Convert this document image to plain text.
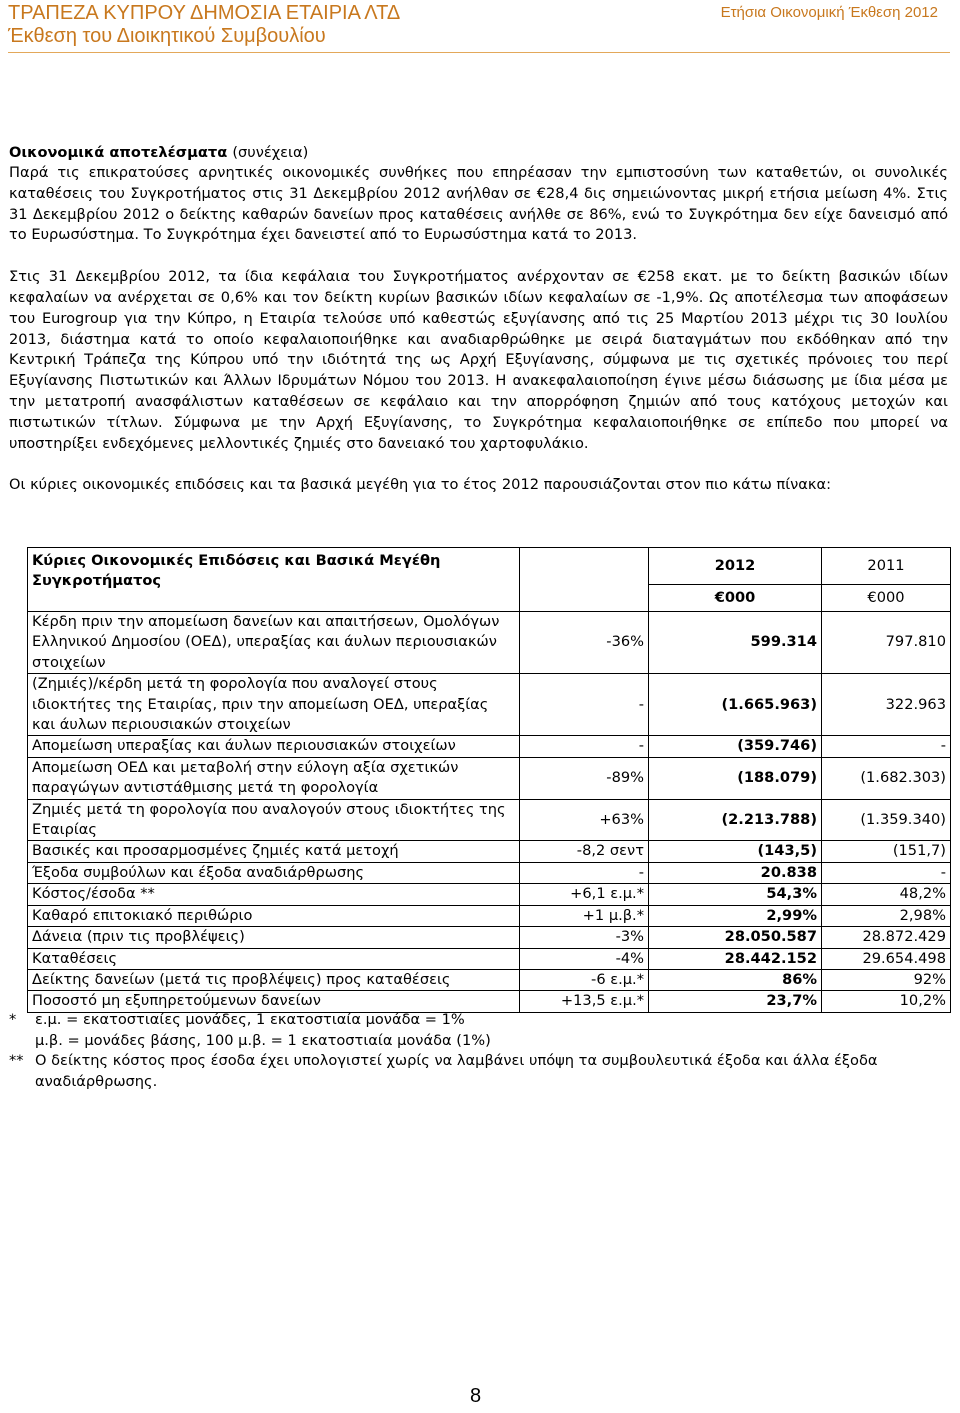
ΤΡΑΠΕΖΑ ΚΥΠΡΟΥ ΔΗΜΟΣΙΑ ΕΤΑΙΡΙΑ ΛΤΔ
Έκθεση του Διοικητικού Συμβουλίου
Ετήσια Οικονομική Έκθεση 2012
Οικονομικά αποτελέσματα (συνέχεια)

Παρά τις επικρατούσες αρνητικές οικονομικές συνθήκες που επηρέασαν την εμπιστοσύνη των καταθετών, οι συνολικές καταθέσεις του Συγκροτήματος στις 31 Δεκεμβρίου 2012 ανήλθαν σε €28,4 δις σημειώνοντας μικρή ετήσια μείωση 4%. Στις 31 Δεκεμβρίου 2012 ο δείκτης καθαρών δανείων προς καταθέσεις ανήλθε σε 86%, ενώ το Συγκρότημα δεν είχε δανεισμό από το Ευρωσύστημα. Το Συγκρότημα έχει δανειστεί από το Ευρωσύστημα κατά το 2013.

Στις 31 Δεκεμβρίου 2012, τα ίδια κεφάλαια του Συγκροτήματος ανέρχονταν σε €258 εκατ. με το δείκτη βασικών ιδίων κεφαλαίων να ανέρχεται σε 0,6% και τον δείκτη κυρίων βασικών ιδίων κεφαλαίων σε -1,9%. Ως αποτέλεσμα των αποφάσεων του Eurogroup για την Κύπρο, η Εταιρία τελούσε υπό καθεστώς εξυγίανσης από τις 25 Μαρτίου 2013 μέχρι τις 30 Ιουλίου 2013, διάστημα κατά το οποίο κεφαλαιοποιήθηκε και αναδιαρθρώθηκε με σειρά διαταγμάτων που εκδόθηκαν από την Κεντρική Τράπεζα της Κύπρου υπό την ιδιότητά της ως Αρχή Εξυγίανσης, σύμφωνα με τις σχετικές πρόνοιες του περί Εξυγίανσης Πιστωτικών και Άλλων Ιδρυμάτων Νόμου του 2013. Η ανακεφαλαιοποίηση έγινε μέσω διάσωσης με ίδια μέσα με την μετατροπή ανασφάλιστων καταθέσεων σε κεφάλαιο και την απορρόφηση ζημιών από τους κατόχους μετοχών και πιστωτικών τίτλων. Σύμφωνα με την Αρχή Εξυγίανσης, το Συγκρότημα κεφαλαιοποιήθηκε σε επίπεδο που μπορεί να υποστηρίξει ενδεχόμενες μελλοντικές ζημιές στο δανειακό του χαρτοφυλάκιο.

Οι κύριες οικονομικές επιδόσεις και τα βασικά μεγέθη για το έτος 2012 παρουσιάζονται στον πιο κάτω πίνακα:

Κύριες Οικονομικές Επιδόσεις και Βασικά Μεγέθη Συγκροτήματος		2012	2011
		€000	€000
Κέρδη πριν την απομείωση δανείων και απαιτήσεων, Ομολόγων Ελληνικού Δημοσίου (ΟΕΔ), υπεραξίας και άυλων περιουσιακών στοιχείων	-36%	599.314	797.810
(Ζημιές)/κέρδη μετά τη φορολογία που αναλογεί στους ιδιοκτήτες της Εταιρίας, πριν την απομείωση ΟΕΔ, υπεραξίας και άυλων περιουσιακών στοιχείων	-	(1.665.963)	322.963
Απομείωση υπεραξίας και άυλων περιουσιακών στοιχείων	-	(359.746)	-
Απομείωση ΟΕΔ και μεταβολή στην εύλογη αξία σχετικών παραγώγων αντιστάθμισης μετά τη φορολογία	-89%	(188.079)	(1.682.303)
Ζημιές μετά τη φορολογία που αναλογούν στους ιδιοκτήτες της Εταιρίας	+63%	(2.213.788)	(1.359.340)
Βασικές και προσαρμοσμένες ζημιές κατά μετοχή	-8,2 σεντ	(143,5)	(151,7)
Έξοδα συμβούλων και έξοδα αναδιάρθρωσης	-	20.838	-
Κόστος/έσοδα **	+6,1 ε.μ.*	54,3%	48,2%
Καθαρό επιτοκιακό περιθώριο	+1 μ.β.*	2,99%	2,98%
Δάνεια (πριν τις προβλέψεις)	-3%	28.050.587	28.872.429
Καταθέσεις	-4%	28.442.152	29.654.498
Δείκτης δανείων (μετά τις προβλέψεις) προς καταθέσεις	-6 ε.μ.*	86%	92%
Ποσοστό μη εξυπηρετούμενων δανείων	+13,5 ε.μ.*	23,7%	10,2%
* ε.μ. = εκατοστιαίες μονάδες, 1 εκατοστιαία μονάδα = 1%
μ.β. = μονάδες βάσης, 100 μ.β. = 1 εκατοστιαία μονάδα (1%)
** Ο δείκτης κόστος προς έσοδα έχει υπολογιστεί χωρίς να λαμβάνει υπόψη τα συμβουλευτικά έξοδα και άλλα έξοδα αναδιάρθρωσης.
8
